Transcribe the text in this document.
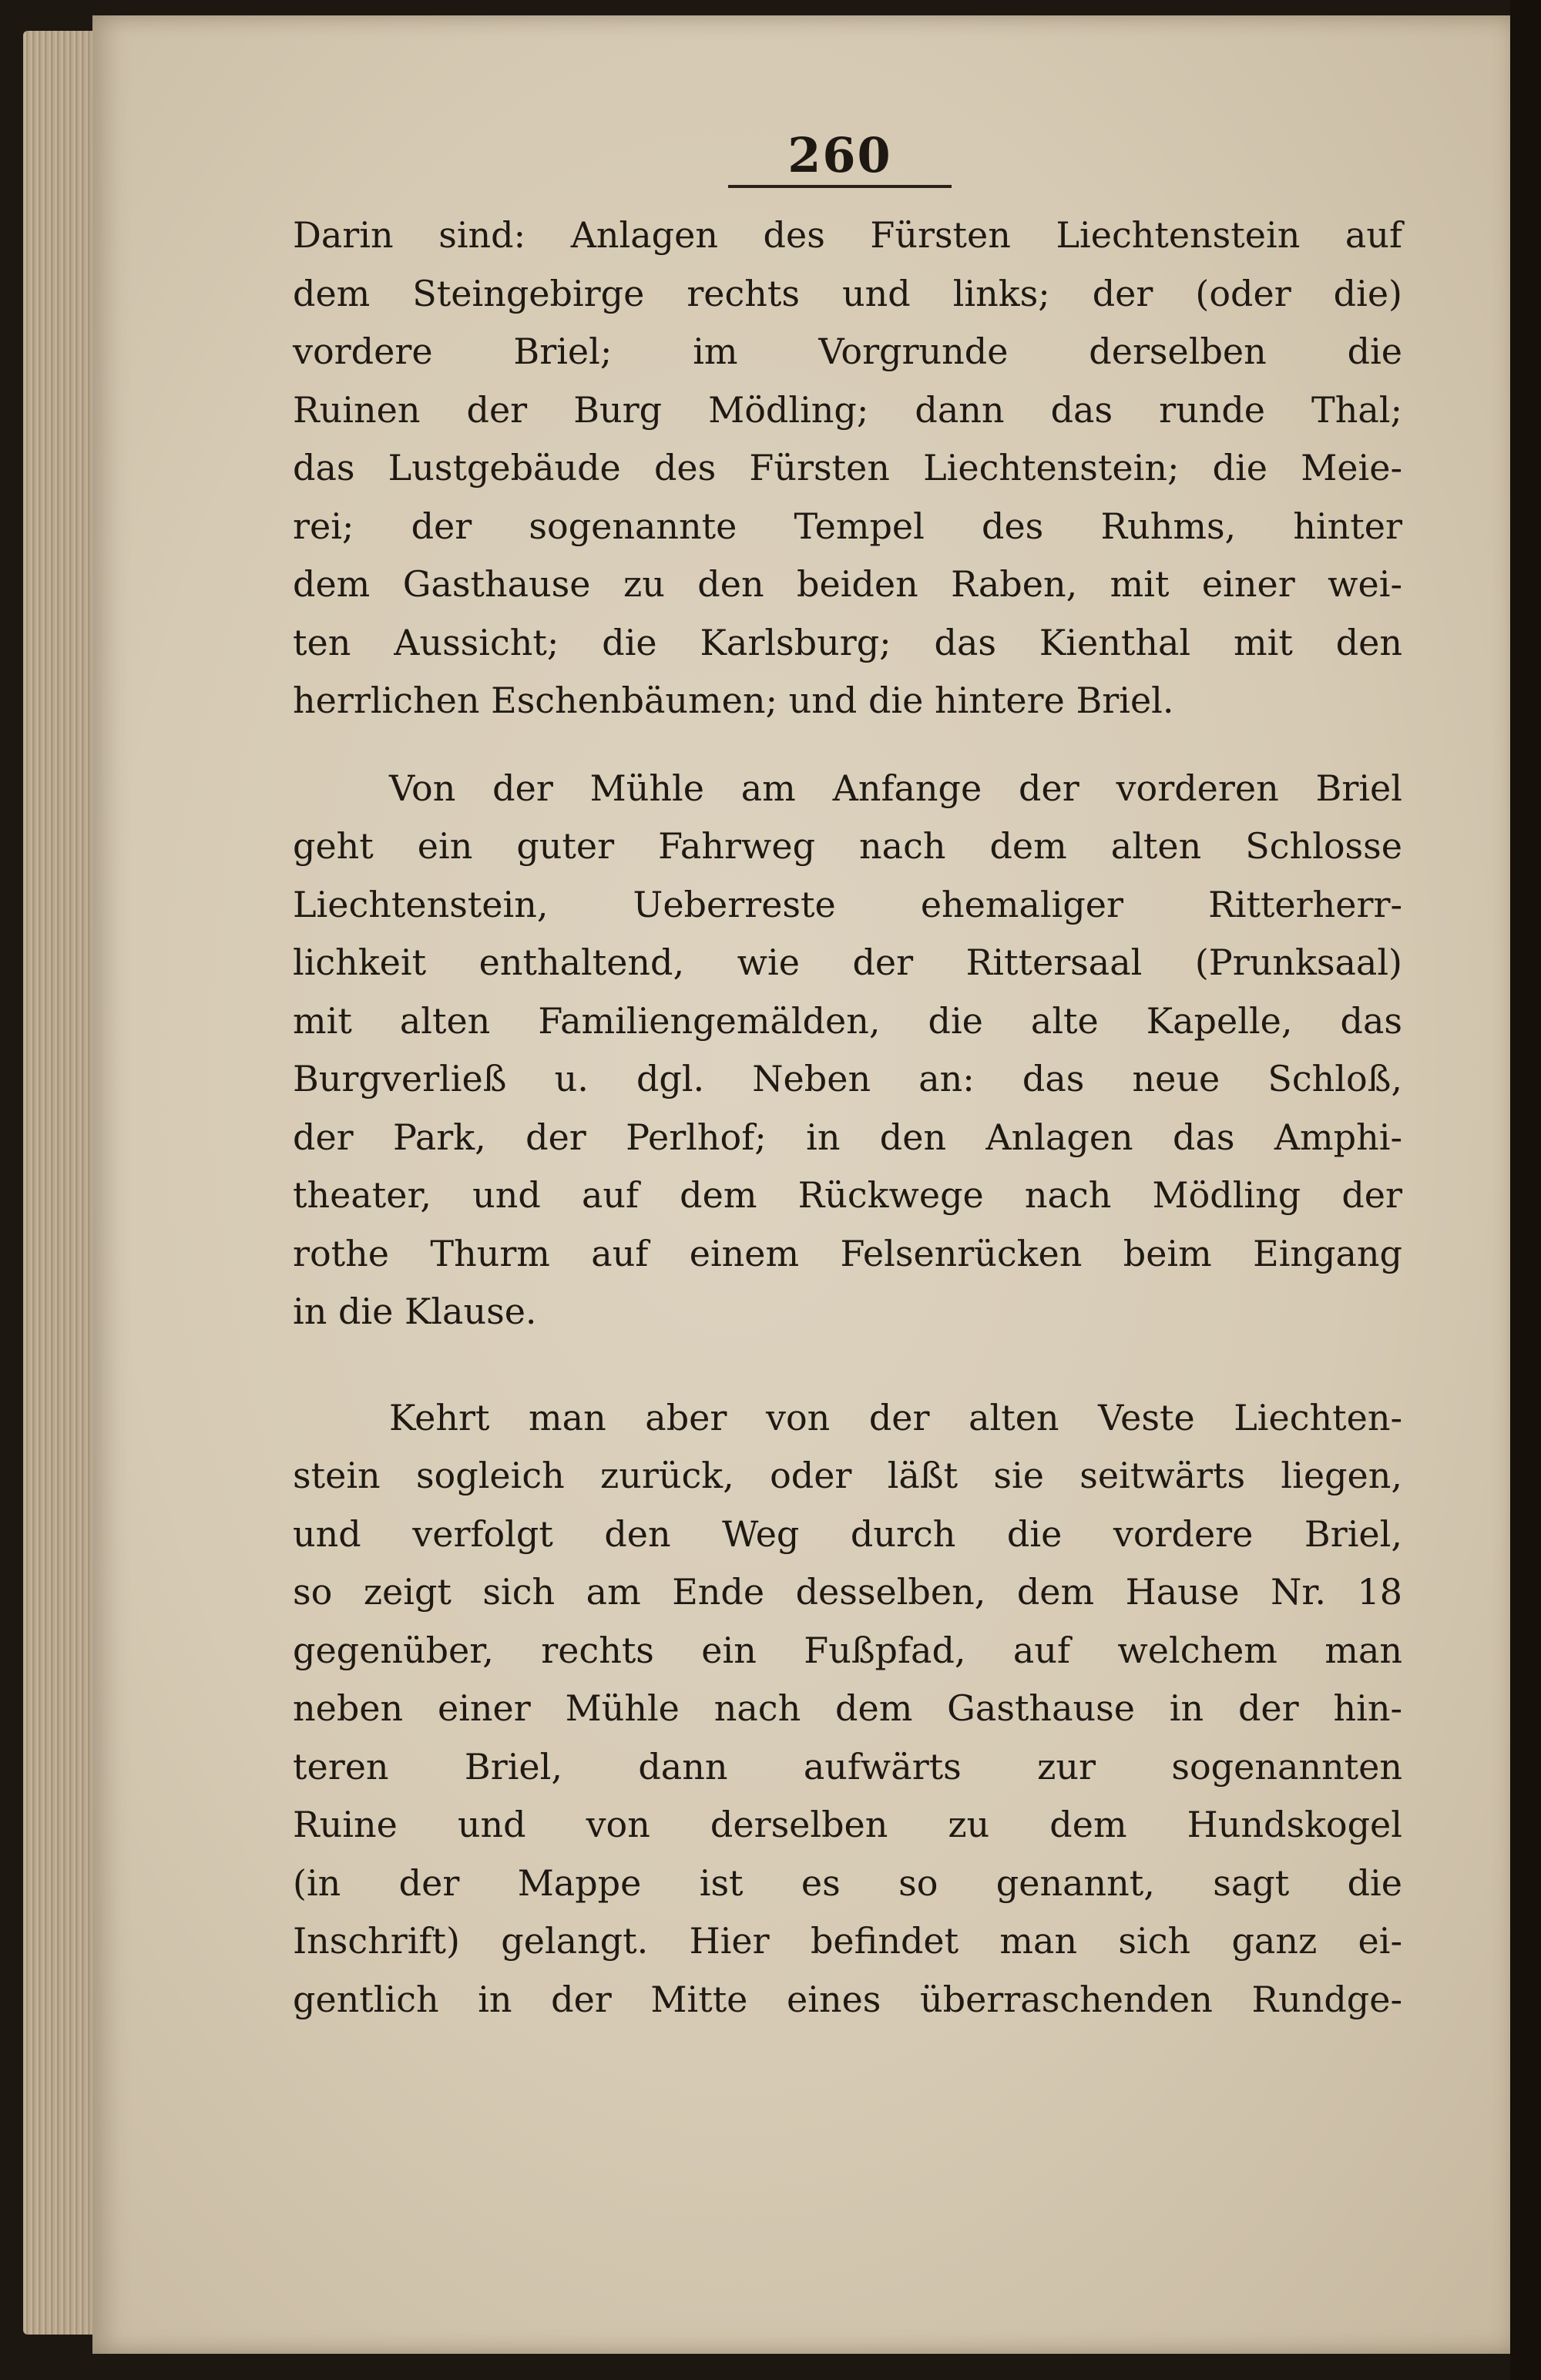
260

Darin sind: Anlagen des Fürsten Liechtenstein auf
dem Steingebirge rechts und links; der (oder die)
vordere Briel; im Vorgrunde derselben die
Ruinen der Burg Mödling; dann das runde Thal;
das Lustgebäude des Fürsten Liechtenstein; die Meie-
rei; der sogenannte Tempel des Ruhms, hinter
dem Gasthause zu den beiden Raben, mit einer wei-
ten Aussicht; die Karlsburg; das Kienthal mit den
herrlichen Eschenbäumen; und die hintere Briel.

Von der Mühle am Anfange der vorderen Briel
geht ein guter Fahrweg nach dem alten Schlosse
Liechtenstein, Ueberreste ehemaliger Ritterherr-
lichkeit enthaltend, wie der Rittersaal (Prunksaal)
mit alten Familiengemälden, die alte Kapelle, das
Burgverließ u. dgl. Neben an: das neue Schloß,
der Park, der Perlhof; in den Anlagen das Amphi-
theater, und auf dem Rückwege nach Mödling der
rothe Thurm auf einem Felsenrücken beim Eingang
in die Klause.

Kehrt man aber von der alten Veste Liechten-
stein sogleich zurück, oder läßt sie seitwärts liegen,
und verfolgt den Weg durch die vordere Briel,
so zeigt sich am Ende desselben, dem Hause Nr. 18
gegenüber, rechts ein Fußpfad, auf welchem man
neben einer Mühle nach dem Gasthause in der hin-
teren Briel, dann aufwärts zur sogenannten
Ruine und von derselben zu dem Hundskogel
(in der Mappe ist es so genannt, sagt die
Inschrift) gelangt. Hier befindet man sich ganz ei-
gentlich in der Mitte eines überraschenden Rundge-
